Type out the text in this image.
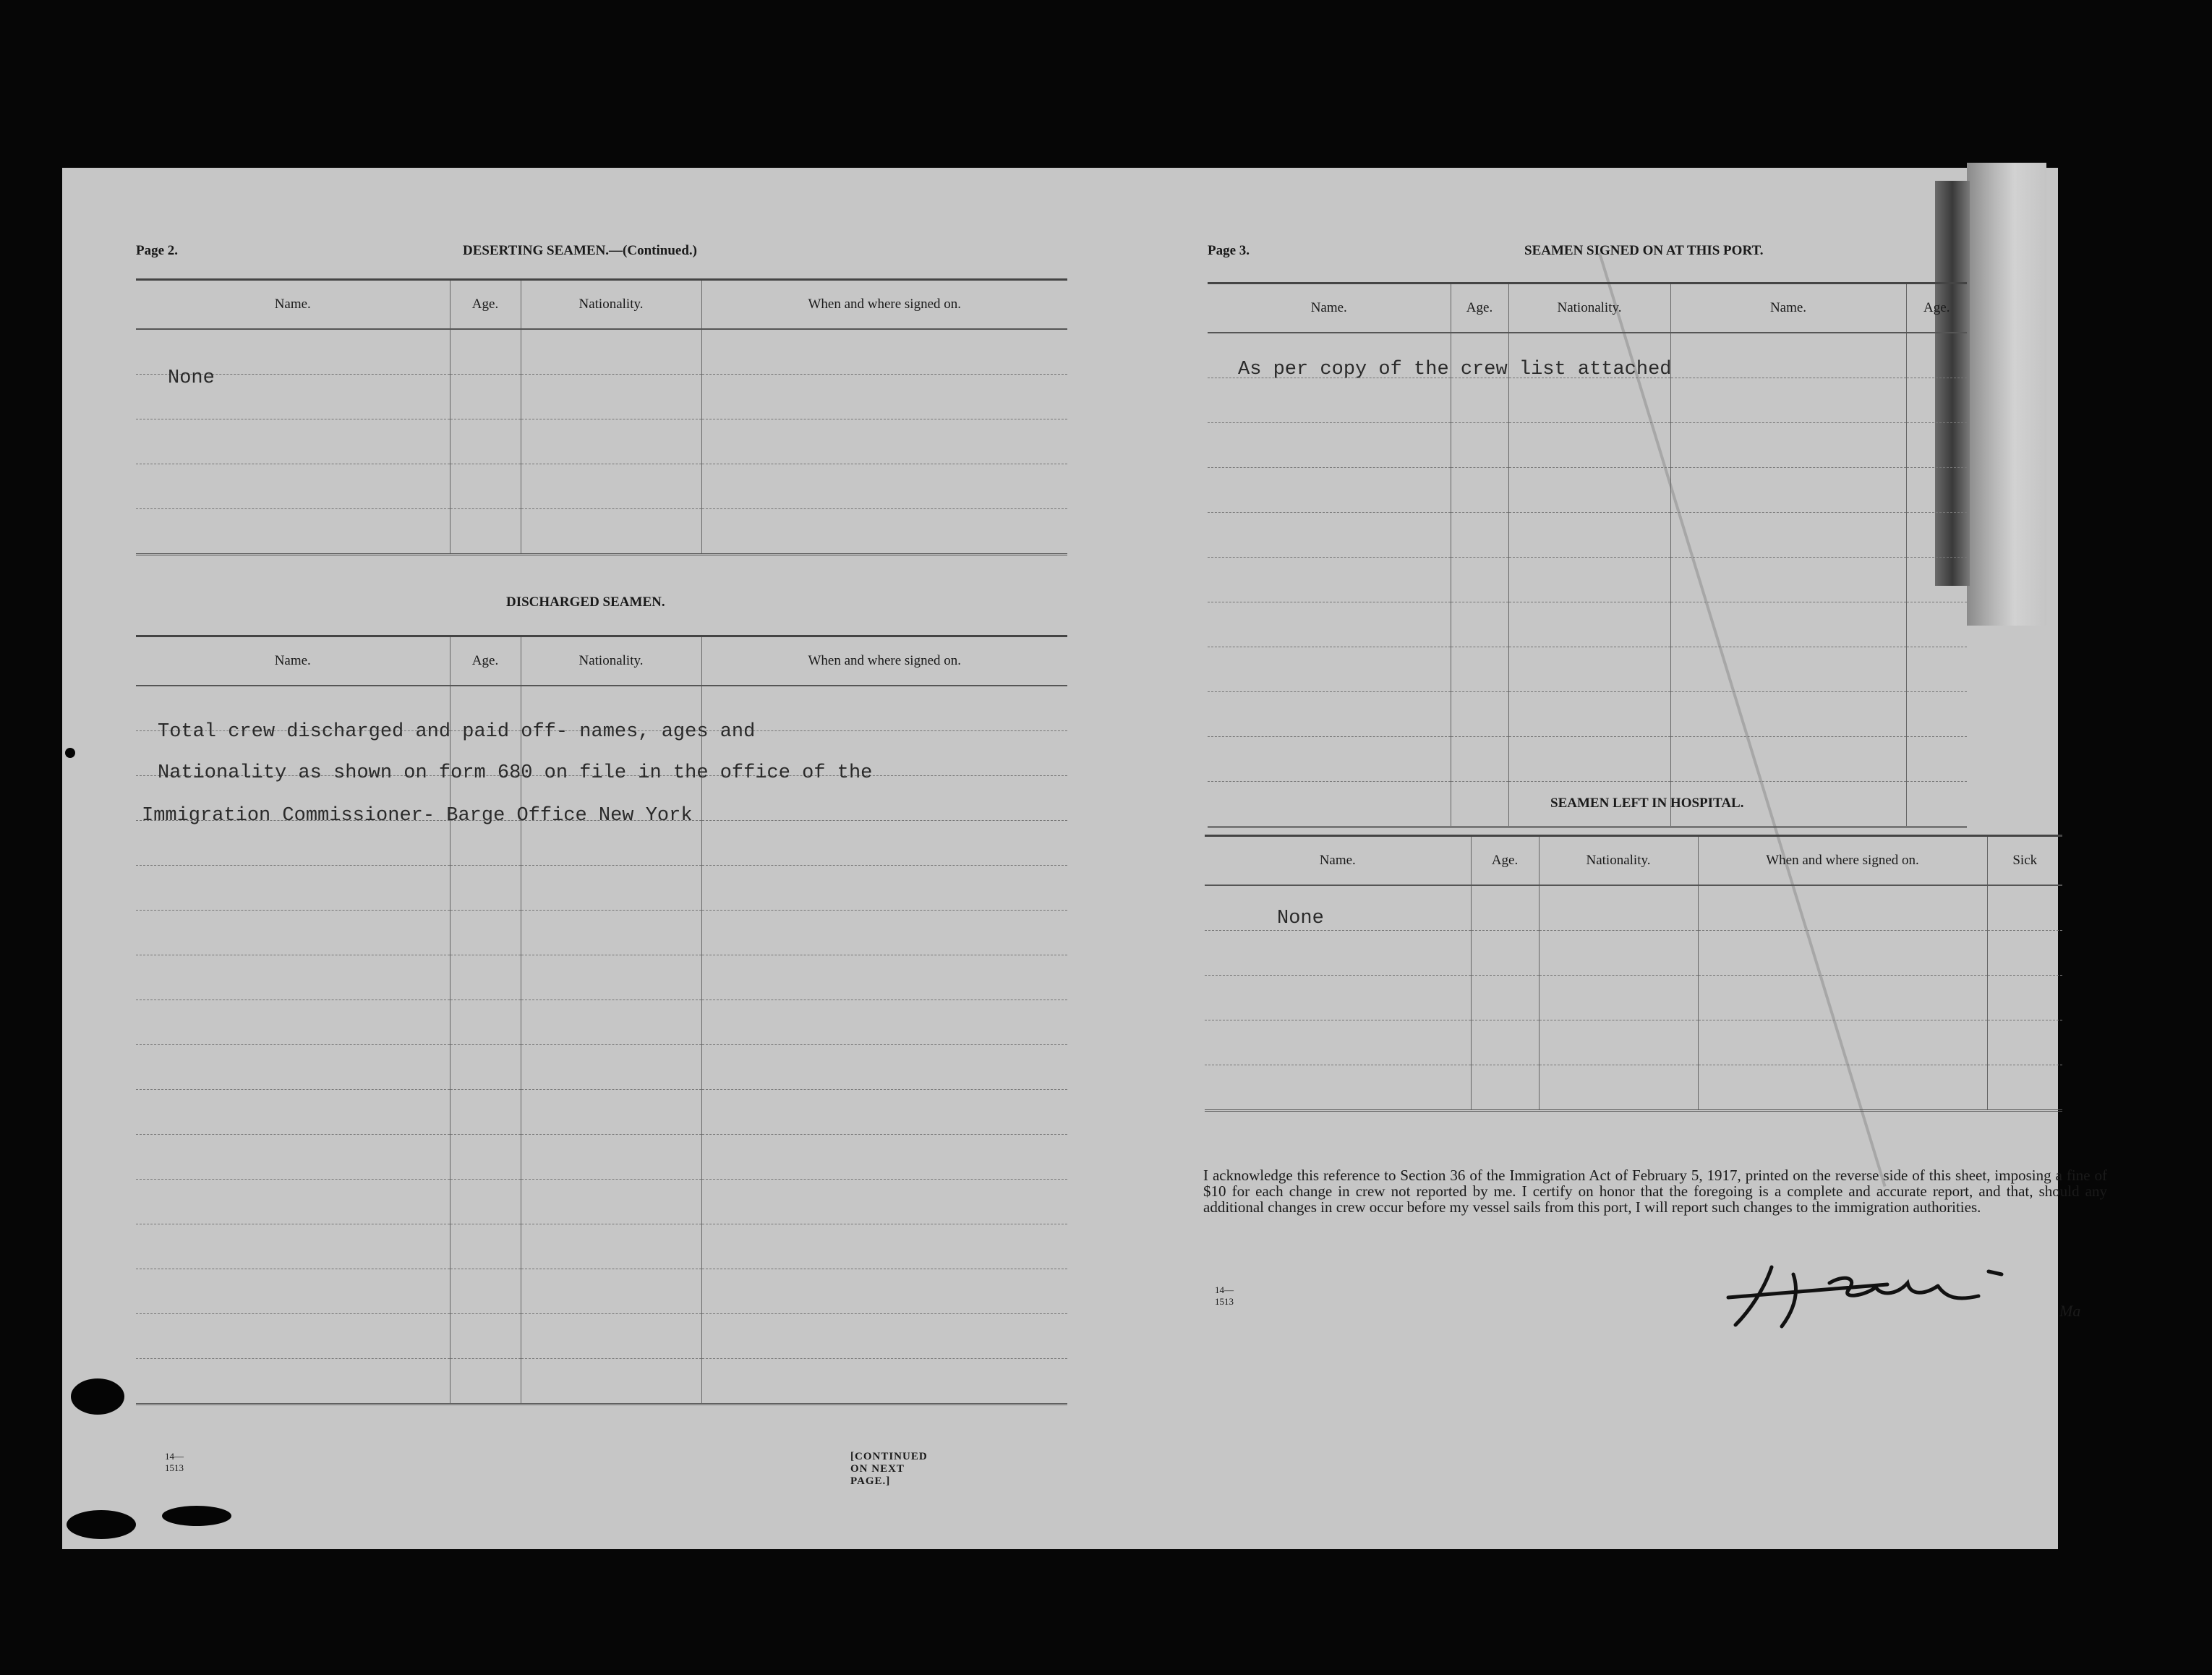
Page 2.	DESERTING SEAMEN.—(Continued.)
Name.	Age.	Nationality.	When and where signed on.

None
DISCHARGED SEAMEN.
Name.	Age.	Nationality.	When and where signed on.

Total crew discharged and paid off- names, ages and
Nationality as shown on form 680 on file in the office of the
Immigration Commissioner- Barge Office New York
14—1513
[CONTINUED ON NEXT PAGE.]
Page 3.	SEAMEN SIGNED ON AT THIS PORT.
Name.	Age.	Nationality.	Name.	Age.

As per copy of the crew list attached
SEAMEN LEFT IN HOSPITAL.
Name.	Age.	Nationality.	When and where signed on.	Sick

None
I acknowledge this reference to Section 36 of the Immigration Act of February 5, 1917, printed on the reverse side of this sheet, imposing a fine of $10 for each change in crew not reported by me. I certify on honor that the foregoing is a complete and accurate report, and that, should any additional changes in crew occur before my vessel sails from this port, I will report such changes to the immigration authorities.
14—1513
Ma
